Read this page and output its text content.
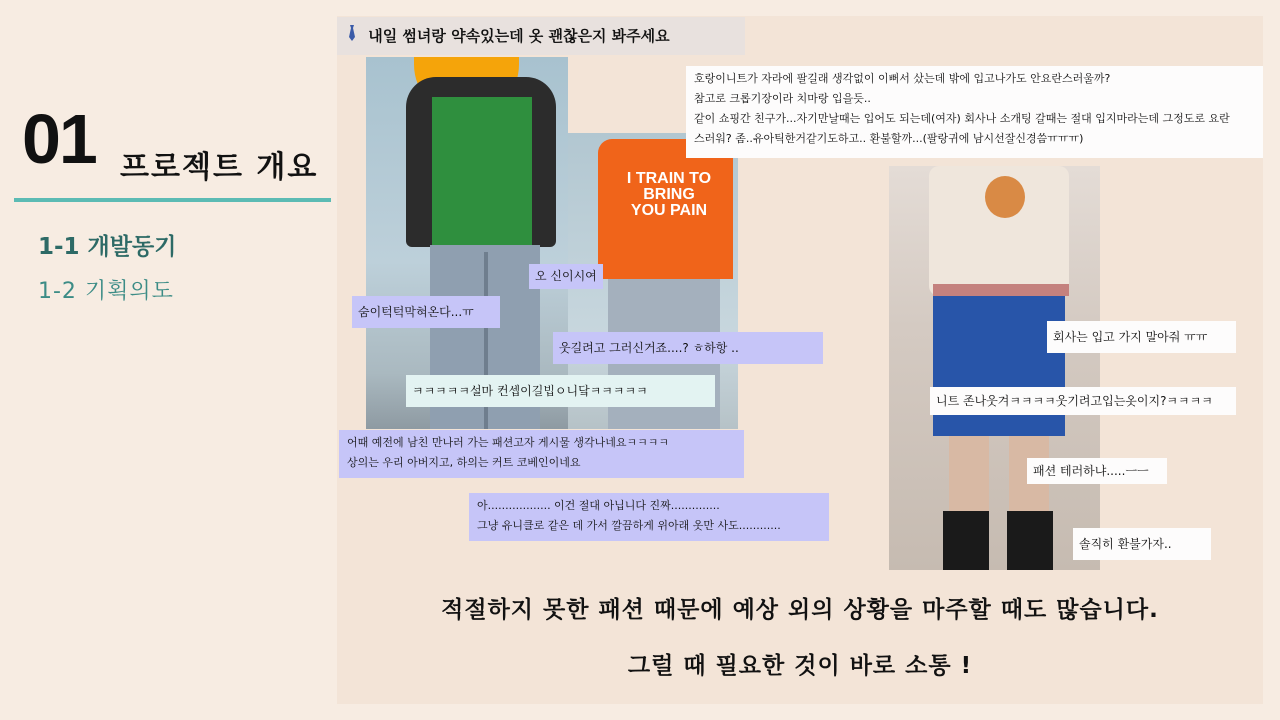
01 프로젝트 개요
1-1 개발동기
1-2 기획의도
내일 썸녀랑 약속있는데 옷 괜찮은지 봐주세요
I TRAIN TO BRING YOU PAIN

호랑이니트가 자라에 팔길래 생각없이 이뻐서 샀는데 밖에 입고나가도 안요란스러울까?

참고로 크롭기장이라 치마랑 입을듯..

같이 쇼핑간 친구가...자기만날때는 입어도 되는데(여자) 회사나 소개팅 갈때는 절대 입지마라는데 그정도로 요란

스러워? 좀..유아틱한거같기도하고.. 환불할까...(팔랑귀에 남시선잘신경씀ㅠㅠㅠ)

오 신이시여
숨이턱턱막혀온다...ㅠ
웃길려고 그러신거죠....? ㅎ하항 ..
ㅋㅋㅋㅋㅋ설마 컨셉이길빕ㅇ니닼ㅋㅋㅋㅋㅋ

어때 예전에 남친 만나러 가는 패션고자 게시물 생각나네요ㅋㅋㅋㅋ

상의는 우리 아버지고, 하의는 커트 코베인이네요

아.................. 이건 절대 아닙니다 진짜..............

그냥 유니클로 같은 데 가서 깔끔하게 위아래 옷만 사도............

회사는 입고 가지 말아줘 ㅠㅠ
니트 존나웃겨ㅋㅋㅋㅋ웃기려고입는옷이지?ㅋㅋㅋㅋ
패션 테러하냐.....ㅡㅡ
솔직히 환불가자..
적절하지 못한 패션 때문에 예상 외의 상황을 마주할 때도 많습니다.
그럴 때 필요한 것이 바로 소통 !
